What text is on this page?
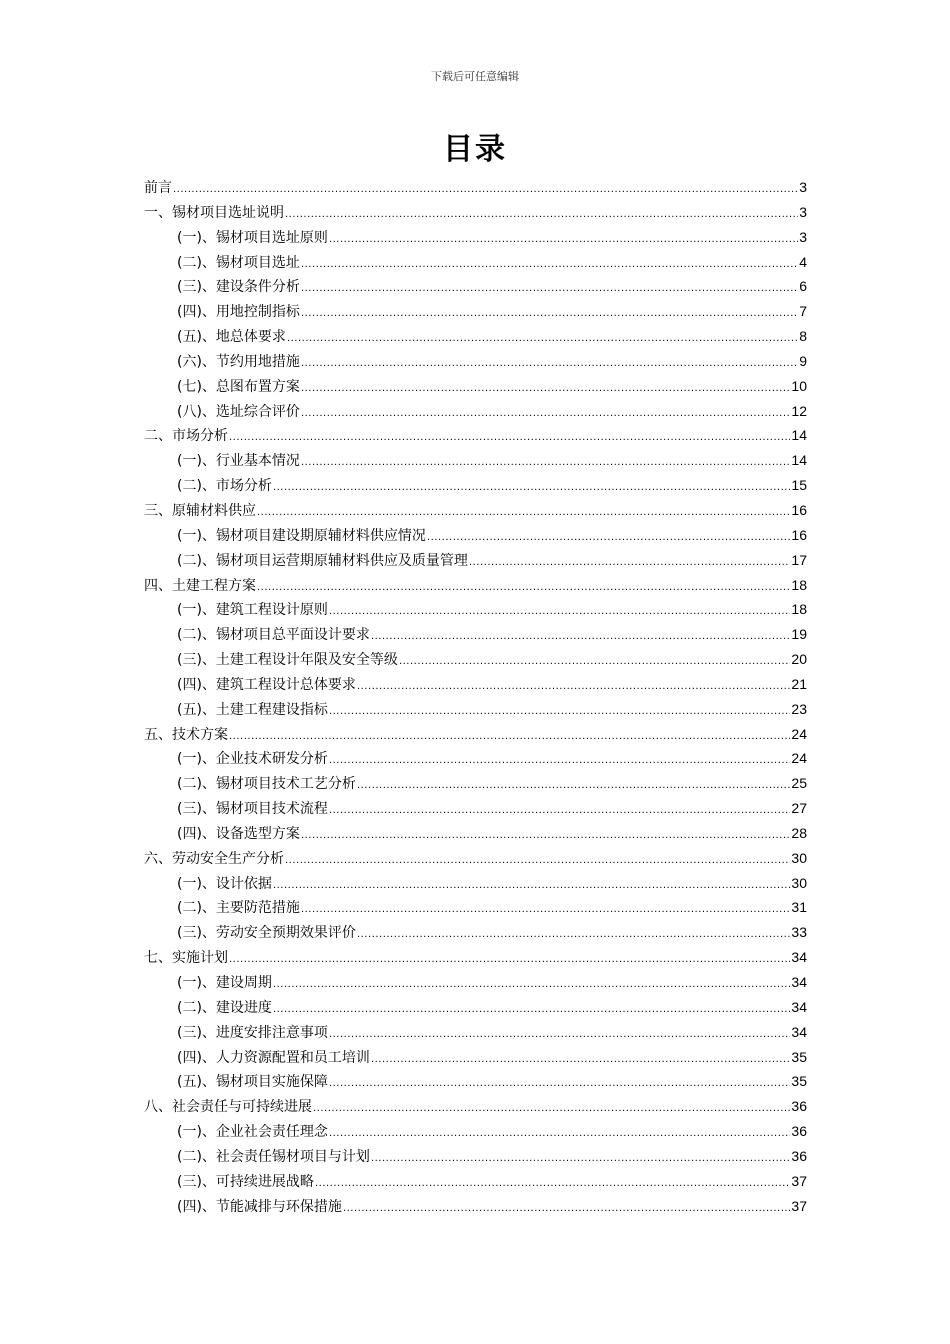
下载后可任意编辑
目录
前言 .....	3
一、锡材项目选址说明 .....	3
(一)、锡材项目选址原则 .....	3
(二)、锡材项目选址 .....	4
(三)、建设条件分析 .....	6
(四)、用地控制指标 .....	7
(五)、地总体要求 .....	8
(六)、节约用地措施 .....	9
(七)、总图布置方案 .....	10
(八)、选址综合评价 .....	12
二、市场分析 .....	14
(一)、行业基本情况 .....	14
(二)、市场分析 .....	15
三、原辅材料供应 .....	16
(一)、锡材项目建设期原辅材料供应情况 .....	16
(二)、锡材项目运营期原辅材料供应及质量管理 .....	17
四、土建工程方案 .....	18
(一)、建筑工程设计原则 .....	18
(二)、锡材项目总平面设计要求 .....	19
(三)、土建工程设计年限及安全等级 .....	20
(四)、建筑工程设计总体要求 .....	21
(五)、土建工程建设指标 .....	23
五、技术方案 .....	24
(一)、企业技术研发分析 .....	24
(二)、锡材项目技术工艺分析 .....	25
(三)、锡材项目技术流程 .....	27
(四)、设备选型方案 .....	28
六、劳动安全生产分析 .....	30
(一)、设计依据 .....	30
(二)、主要防范措施 .....	31
(三)、劳动安全预期效果评价 .....	33
七、实施计划 .....	34
(一)、建设周期 .....	34
(二)、建设进度 .....	34
(三)、进度安排注意事项 .....	34
(四)、人力资源配置和员工培训 .....	35
(五)、锡材项目实施保障 .....	35
八、社会责任与可持续进展 .....	36
(一)、企业社会责任理念 .....	36
(二)、社会责任锡材项目与计划 .....	36
(三)、可持续进展战略 .....	37
(四)、节能减排与环保措施 .....	37
